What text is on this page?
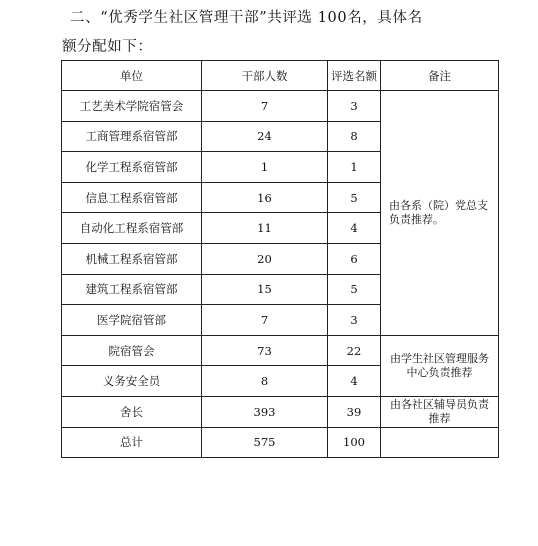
二、“优秀学生社区管理干部”共评选 100名，具体名
额分配如下：
单位	干部人数	评选名额	备注
工艺美术学院宿管会	7	3	由各系（院）党总支负责推荐。
工商管理系宿管部	24	8	
化学工程系宿管部	1	1	
信息工程系宿管部	16	5	
自动化工程系宿管部	11	4	
机械工程系宿管部	20	6	
建筑工程系宿管部	15	5	
医学院宿管部	7	3	
院宿管会	73	22	由学生社区管理服务中心负责推荐
义务安全员	8	4	
舍长	393	39	由各社区辅导员负责推荐
总计	575	100	
